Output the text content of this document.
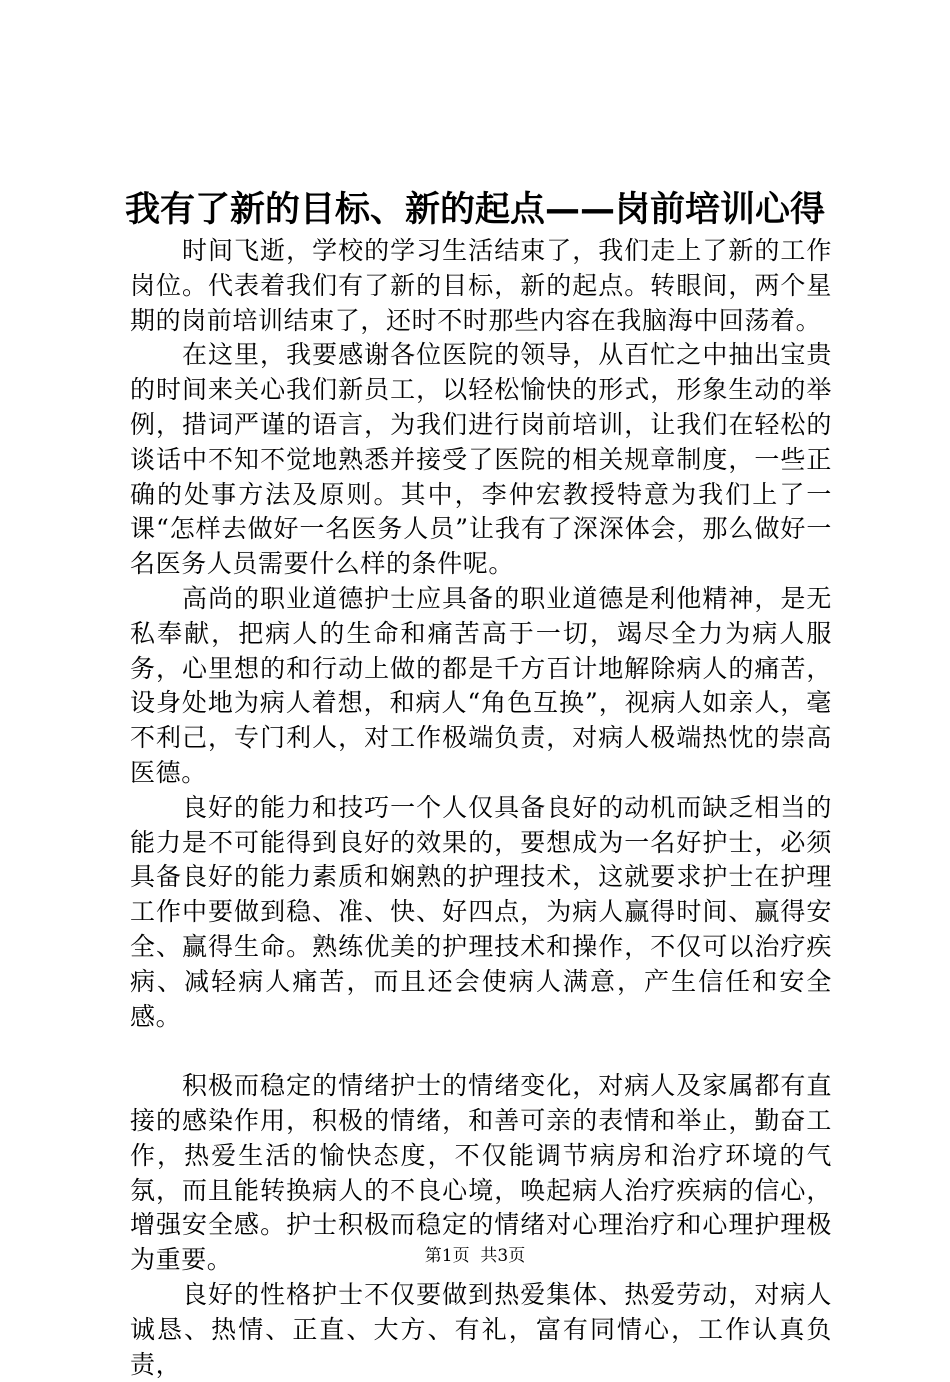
我有了新的目标、新的起点——岗前培训心得

时间飞逝，学校的学习生活结束了，我们走上了新的工作岗位。代表着我们有了新的目标，新的起点。转眼间，两个星期的岗前培训结束了，还时不时那些内容在我脑海中回荡着。

在这里，我要感谢各位医院的领导，从百忙之中抽出宝贵的时间来关心我们新员工，以轻松愉快的形式，形象生动的举例，措词严谨的语言，为我们进行岗前培训，让我们在轻松的谈话中不知不觉地熟悉并接受了医院的相关规章制度，一些正确的处事方法及原则。其中，李仲宏教授特意为我们上了一课“怎样去做好一名医务人员”让我有了深深体会，那么做好一名医务人员需要什么样的条件呢。

高尚的职业道德护士应具备的职业道德是利他精神，是无私奉献，把病人的生命和痛苦高于一切，竭尽全力为病人服务，心里想的和行动上做的都是千方百计地解除病人的痛苦，设身处地为病人着想，和病人“角色互换”，视病人如亲人，毫不利己，专门利人，对工作极端负责，对病人极端热忱的崇高医德。

良好的能力和技巧一个人仅具备良好的动机而缺乏相当的能力是不可能得到良好的效果的，要想成为一名好护士，必须具备良好的能力素质和娴熟的护理技术，这就要求护士在护理工作中要做到稳、准、快、好四点，为病人赢得时间、赢得安全、赢得生命。熟练优美的护理技术和操作，不仅可以治疗疾病、减轻病人痛苦，而且还会使病人满意，产生信任和安全感。

积极而稳定的情绪护士的情绪变化，对病人及家属都有直接的感染作用，积极的情绪，和善可亲的表情和举止，勤奋工作，热爱生活的愉快态度，不仅能调节病房和治疗环境的气氛，而且能转换病人的不良心境，唤起病人治疗疾病的信心，增强安全感。护士积极而稳定的情绪对心理治疗和心理护理极为重要。

良好的性格护士不仅要做到热爱集体、热爱劳动，对病人诚恳、热情、正直、大方、有礼，富有同情心，工作认真负责，

第1页  共3页
